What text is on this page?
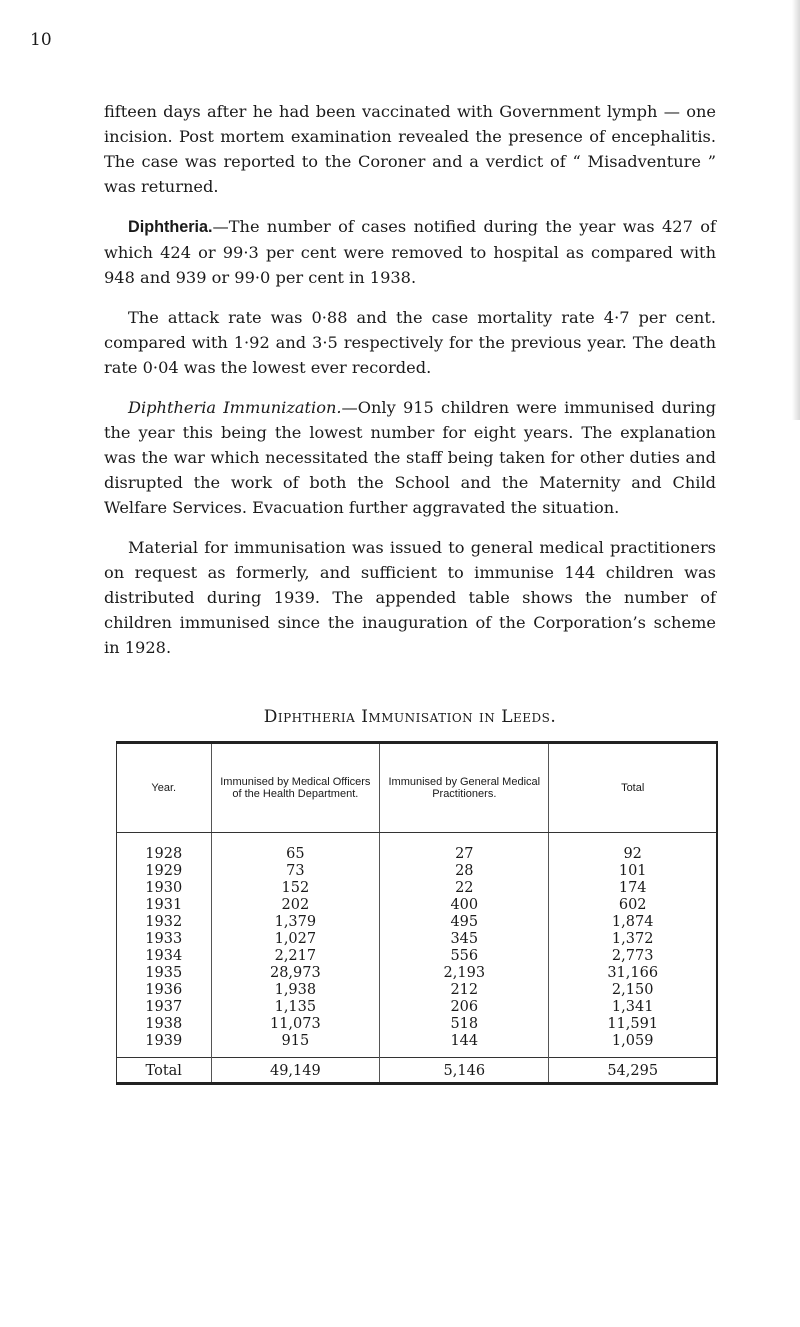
10

fifteen days after he had been vaccinated with Government lymph — one incision. Post mortem examination revealed the presence of encephalitis. The case was reported to the Coroner and a verdict of “ Misadventure ” was returned.

Diphtheria.—The number of cases notified during the year was 427 of which 424 or 99·3 per cent were removed to hospital as compared with 948 and 939 or 99·0 per cent in 1938.

The attack rate was 0·88 and the case mortality rate 4·7 per cent. compared with 1·92 and 3·5 respectively for the previous year. The death rate 0·04 was the lowest ever recorded.

Diphtheria Immunization.—Only 915 children were immunised during the year this being the lowest number for eight years. The explanation was the war which necessitated the staff being taken for other duties and disrupted the work of both the School and the Maternity and Child Welfare Services. Evacuation further aggravated the situation.

Material for immunisation was issued to general medical practitioners on request as formerly, and sufficient to immunise 144 children was distributed during 1939. The appended table shows the number of children immunised since the inauguration of the Corporation’s scheme in 1928.

Diphtheria Immunisation in Leeds.
Year.	Immunised by Medical Officers of the Health Department.	Immunised by General Medical Practitioners.	Total
1928	65	27	92
1929	73	28	101
1930	152	22	174
1931	202	400	602
1932	1,379	495	1,874
1933	1,027	345	1,372
1934	2,217	556	2,773
1935	28,973	2,193	31,166
1936	1,938	212	2,150
1937	1,135	206	1,341
1938	11,073	518	11,591
1939	915	144	1,059
Total	49,149	5,146	54,295
